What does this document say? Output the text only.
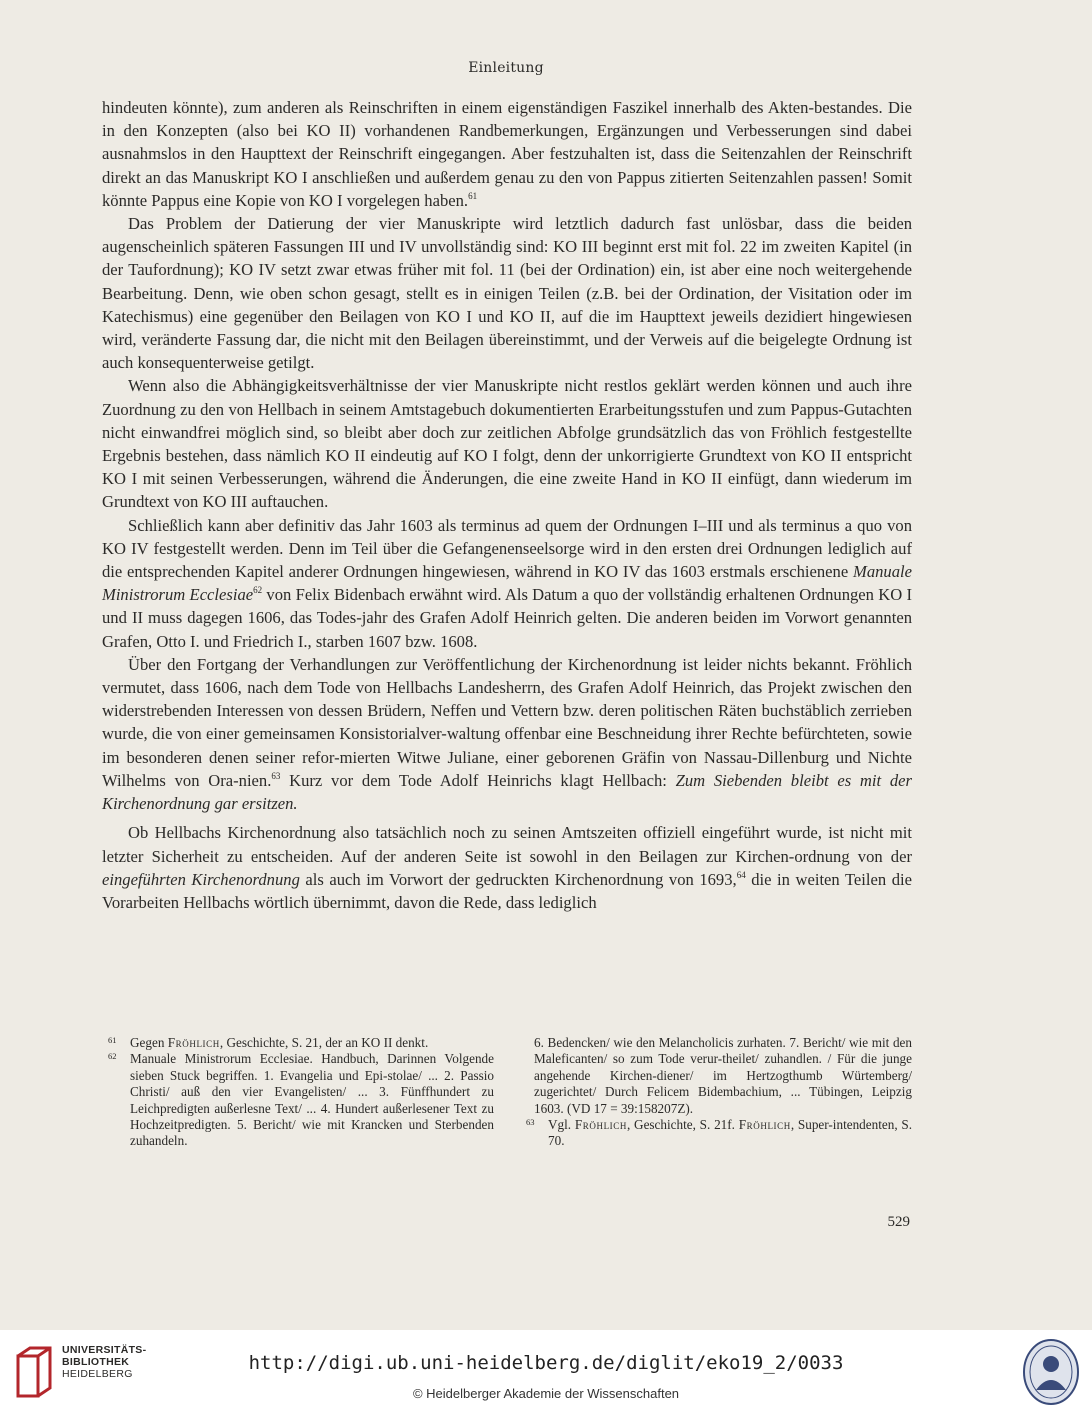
Einleitung

hindeuten könnte), zum anderen als Reinschriften in einem eigenständigen Faszikel innerhalb des Akten-bestandes. Die in den Konzepten (also bei KO II) vorhandenen Randbemerkungen, Ergänzungen und Verbesserungen sind dabei ausnahmslos in den Haupttext der Reinschrift eingegangen. Aber festzuhalten ist, dass die Seitenzahlen der Reinschrift direkt an das Manuskript KO I anschließen und außerdem genau zu den von Pappus zitierten Seitenzahlen passen! Somit könnte Pappus eine Kopie von KO I vorgelegen haben.$^{61}$

Das Problem der Datierung der vier Manuskripte wird letztlich dadurch fast unlösbar, dass die beiden augenscheinlich späteren Fassungen III und IV unvollständig sind: KO III beginnt erst mit fol. 22 im zweiten Kapitel (in der Taufordnung); KO IV setzt zwar etwas früher mit fol. 11 (bei der Ordination) ein, ist aber eine noch weitergehende Bearbeitung. Denn, wie oben schon gesagt, stellt es in einigen Teilen (z.B. bei der Ordination, der Visitation oder im Katechismus) eine gegenüber den Beilagen von KO I und KO II, auf die im Haupttext jeweils dezidiert hingewiesen wird, veränderte Fassung dar, die nicht mit den Beilagen übereinstimmt, und der Verweis auf die beigelegte Ordnung ist auch konsequenterweise getilgt.

Wenn also die Abhängigkeitsverhältnisse der vier Manuskripte nicht restlos geklärt werden können und auch ihre Zuordnung zu den von Hellbach in seinem Amtstagebuch dokumentierten Erarbeitungsstufen und zum Pappus-Gutachten nicht einwandfrei möglich sind, so bleibt aber doch zur zeitlichen Abfolge grundsätzlich das von Fröhlich festgestellte Ergebnis bestehen, dass nämlich KO II eindeutig auf KO I folgt, denn der unkorrigierte Grundtext von KO II entspricht KO I mit seinen Verbesserungen, während die Änderungen, die eine zweite Hand in KO II einfügt, dann wiederum im Grundtext von KO III auftauchen.

Schließlich kann aber definitiv das Jahr 1603 als terminus ad quem der Ordnungen I–III und als terminus a quo von KO IV festgestellt werden. Denn im Teil über die Gefangenenseelsorge wird in den ersten drei Ordnungen lediglich auf die entsprechenden Kapitel anderer Ordnungen hingewiesen, während in KO IV das 1603 erstmals erschienene Manuale Ministrorum Ecclesiae$^{62}$ von Felix Bidenbach erwähnt wird. Als Datum a quo der vollständig erhaltenen Ordnungen KO I und II muss dagegen 1606, das Todes-jahr des Grafen Adolf Heinrich gelten. Die anderen beiden im Vorwort genannten Grafen, Otto I. und Friedrich I., starben 1607 bzw. 1608.

Über den Fortgang der Verhandlungen zur Veröffentlichung der Kirchenordnung ist leider nichts bekannt. Fröhlich vermutet, dass 1606, nach dem Tode von Hellbachs Landesherrn, des Grafen Adolf Heinrich, das Projekt zwischen den widerstrebenden Interessen von dessen Brüdern, Neffen und Vettern bzw. deren politischen Räten buchstäblich zerrieben wurde, die von einer gemeinsamen Konsistorialver-waltung offenbar eine Beschneidung ihrer Rechte befürchteten, sowie im besonderen denen seiner refor-mierten Witwe Juliane, einer geborenen Gräfin von Nassau-Dillenburg und Nichte Wilhelms von Ora-nien.$^{63}$ Kurz vor dem Tode Adolf Heinrichs klagt Hellbach: Zum Siebenden bleibt es mit der Kirchenordnung gar ersitzen.

Ob Hellbachs Kirchenordnung also tatsächlich noch zu seinen Amtszeiten offiziell eingeführt wurde, ist nicht mit letzter Sicherheit zu entscheiden. Auf der anderen Seite ist sowohl in den Beilagen zur Kirchen-ordnung von der eingeführten Kirchenordnung als auch im Vorwort der gedruckten Kirchenordnung von 1693,64 die in weiten Teilen die Vorarbeiten Hellbachs wörtlich übernimmt, davon die Rede, dass lediglich

61 Gegen Fröhlich, Geschichte, S. 21, der an KO II denkt.

62 Manuale Ministrorum Ecclesiae. Handbuch, Darinnen Volgende sieben Stuck begriffen. 1. Evangelia und Epi-stolae/ ... 2. Passio Christi/ auß den vier Evangelisten/ ... 3. Fünffhundert zu Leichpredigten außerlesne Text/ ... 4. Hundert außerlesener Text zu Hochzeitpredigten. 5. Bericht/ wie mit Krancken und Sterbenden zuhandeln.

6. Bedencken/ wie den Melancholicis zurhaten. 7. Bericht/ wie mit den Maleficanten/ so zum Tode verur-theilet/ zuhandlen. / Für die junge angehende Kirchen-diener/ im Hertzogthumb Würtemberg/ zugerichtet/ Durch Felicem Bidembachium, ... Tübingen, Leipzig 1603. (VD 17 = 39:158207Z).

63 Vgl. Fröhlich, Geschichte, S. 21f. Fröhlich, Super-intendenten, S. 70.

529
UNIVERSITÄTS-
BIBLIOTHEK
HEIDELBERG	http://digi.ub.uni-heidelberg.de/diglit/eko19_2/0033
© Heidelberger Akademie der Wissenschaften
